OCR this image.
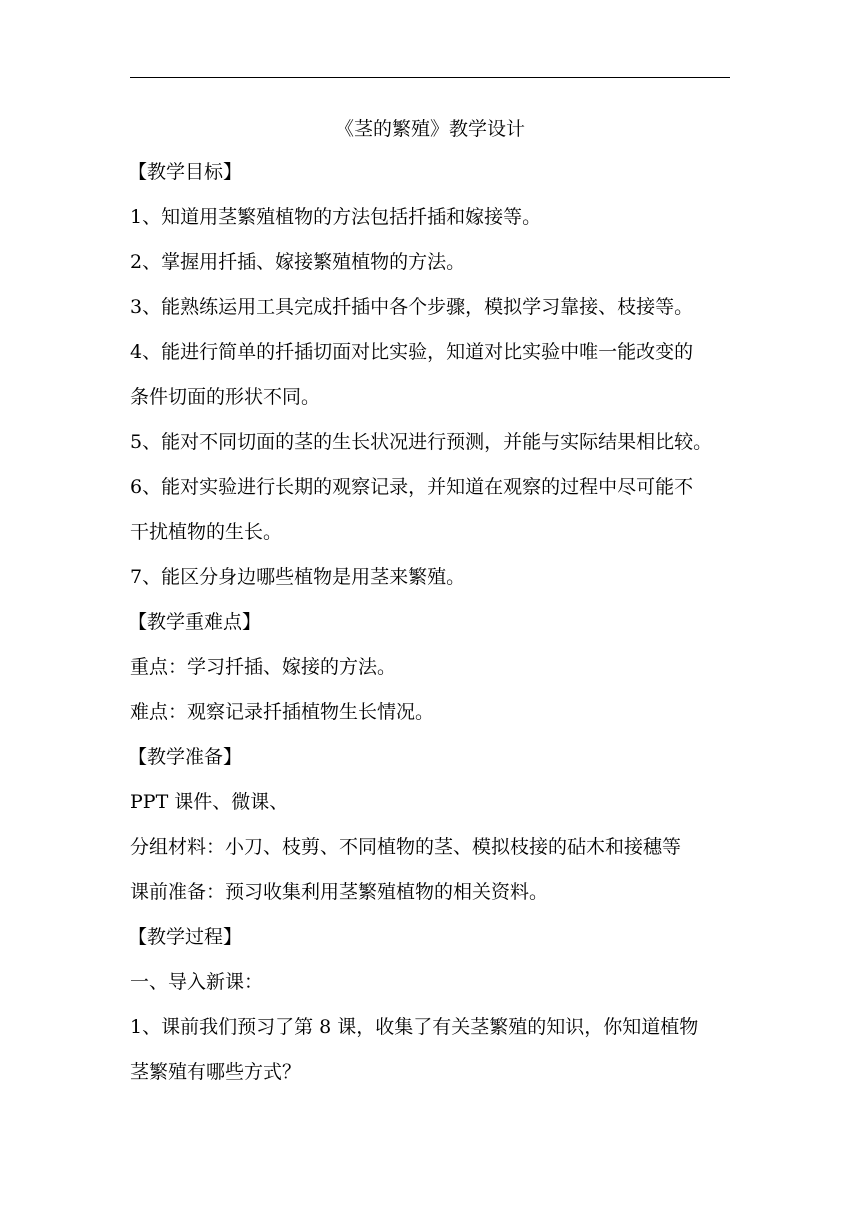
《茎的繁殖》教学设计
【教学目标】
1、知道用茎繁殖植物的方法包括扦插和嫁接等。
2、掌握用扦插、嫁接繁殖植物的方法。
3、能熟练运用工具完成扦插中各个步骤，模拟学习靠接、枝接等。
4、能进行简单的扦插切面对比实验，知道对比实验中唯一能改变的
条件切面的形状不同。
5、能对不同切面的茎的生长状况进行预测，并能与实际结果相比较。
6、能对实验进行长期的观察记录，并知道在观察的过程中尽可能不
干扰植物的生长。
7、能区分身边哪些植物是用茎来繁殖。
【教学重难点】
重点：学习扦插、嫁接的方法。
难点：观察记录扦插植物生长情况。
【教学准备】
PPT 课件、微课、
分组材料：小刀、枝剪、不同植物的茎、模拟枝接的砧木和接穗等
课前准备：预习收集利用茎繁殖植物的相关资料。
【教学过程】
一、导入新课：
1、课前我们预习了第 8 课，收集了有关茎繁殖的知识，你知道植物
茎繁殖有哪些方式？
